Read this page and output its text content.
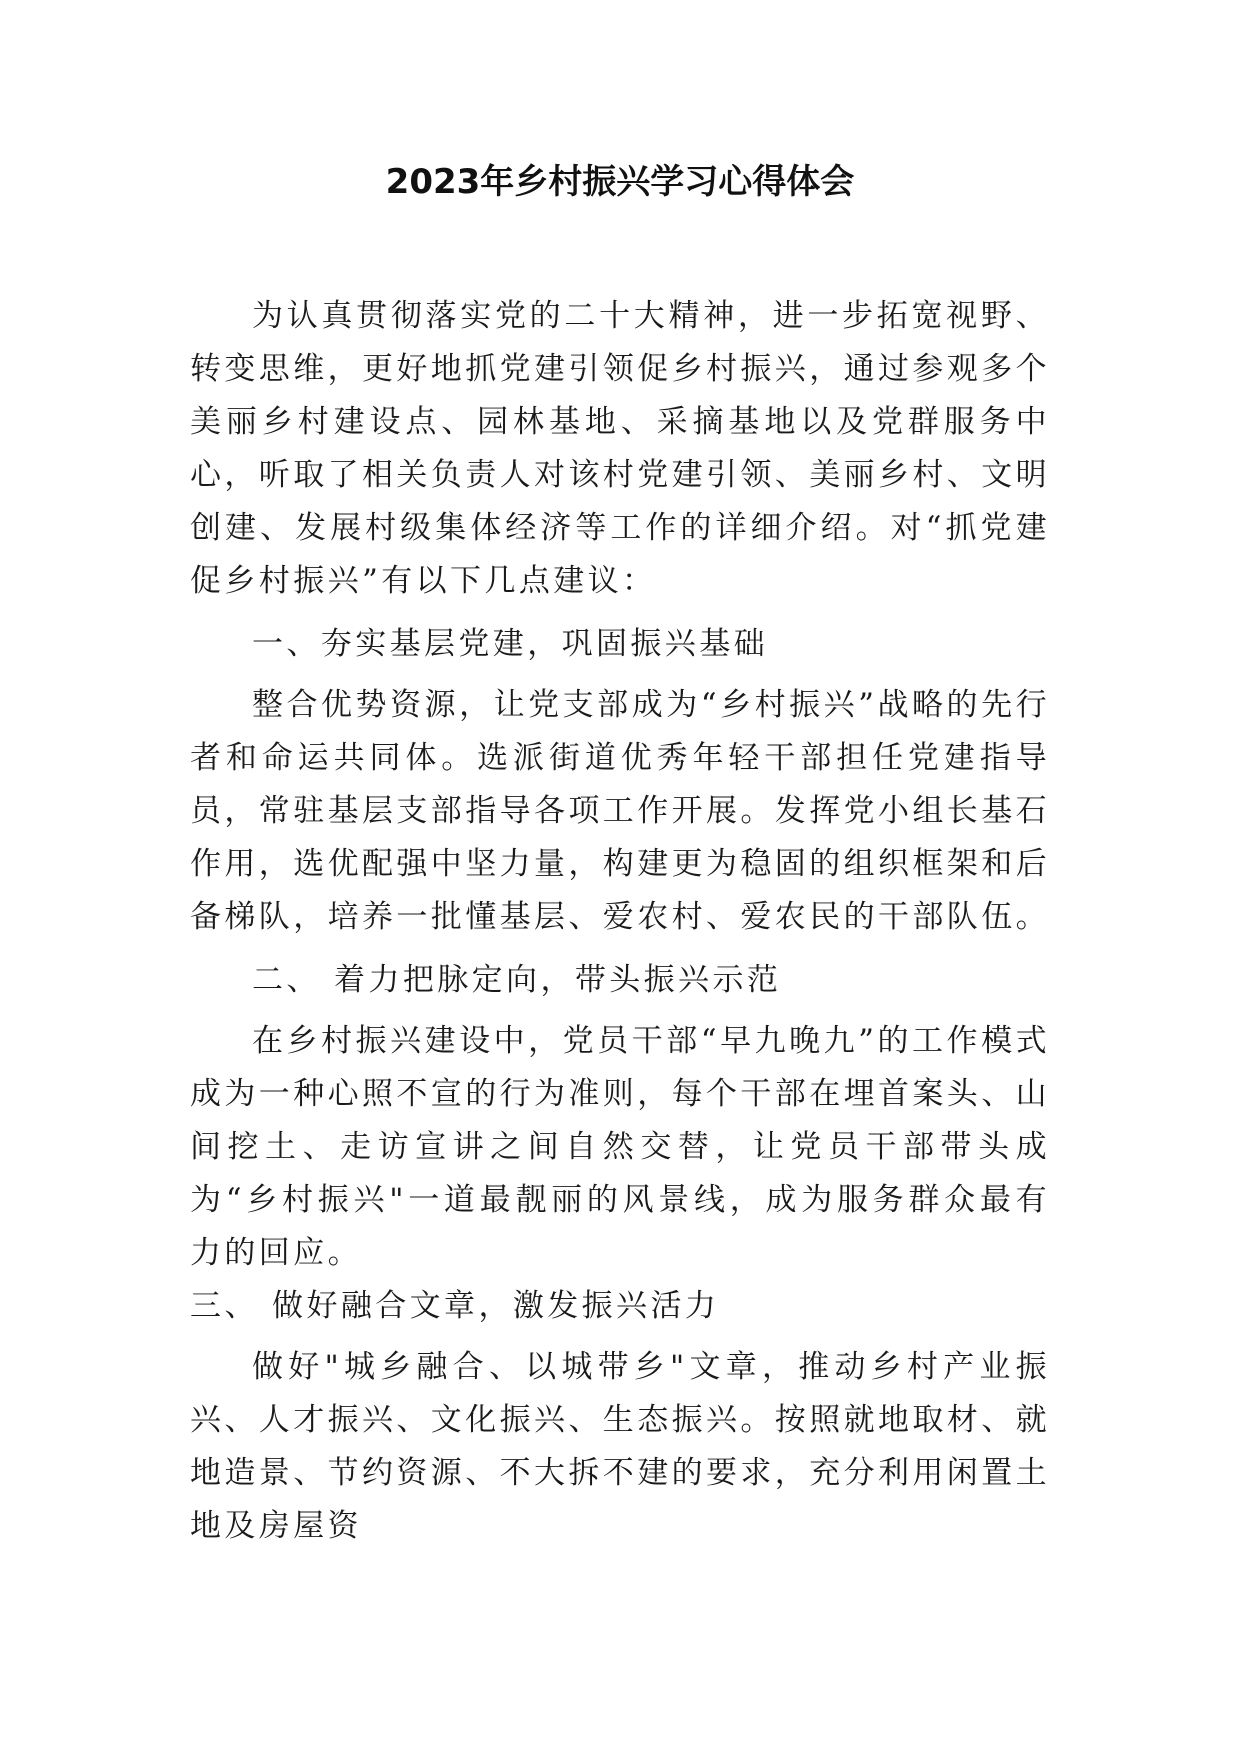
2023年乡村振兴学习心得体会

为认真贯彻落实党的二十大精神，进一步拓宽视野、转变思维，更好地抓党建引领促乡村振兴，通过参观多个美丽乡村建设点、园林基地、采摘基地以及党群服务中心，听取了相关负责人对该村党建引领、美丽乡村、文明创建、发展村级集体经济等工作的详细介绍。对“抓党建促乡村振兴”有以下几点建议：

一、夯实基层党建，巩固振兴基础

整合优势资源，让党支部成为“乡村振兴”战略的先行者和命运共同体。选派街道优秀年轻干部担任党建指导员，常驻基层支部指导各项工作开展。发挥党小组长基石作用，选优配强中坚力量，构建更为稳固的组织框架和后备梯队，培养一批懂基层、爱农村、爱农民的干部队伍。

二、 着力把脉定向，带头振兴示范

在乡村振兴建设中，党员干部“早九晚九”的工作模式成为一种心照不宣的行为准则，每个干部在埋首案头、山间挖土、走访宣讲之间自然交替，让党员干部带头成为“乡村振兴"一道最靓丽的风景线，成为服务群众最有力的回应。

三、 做好融合文章，激发振兴活力

做好"城乡融合、以城带乡"文章，推动乡村产业振兴、人才振兴、文化振兴、生态振兴。按照就地取材、就地造景、节约资源、不大拆不建的要求，充分利用闲置土地及房屋资
